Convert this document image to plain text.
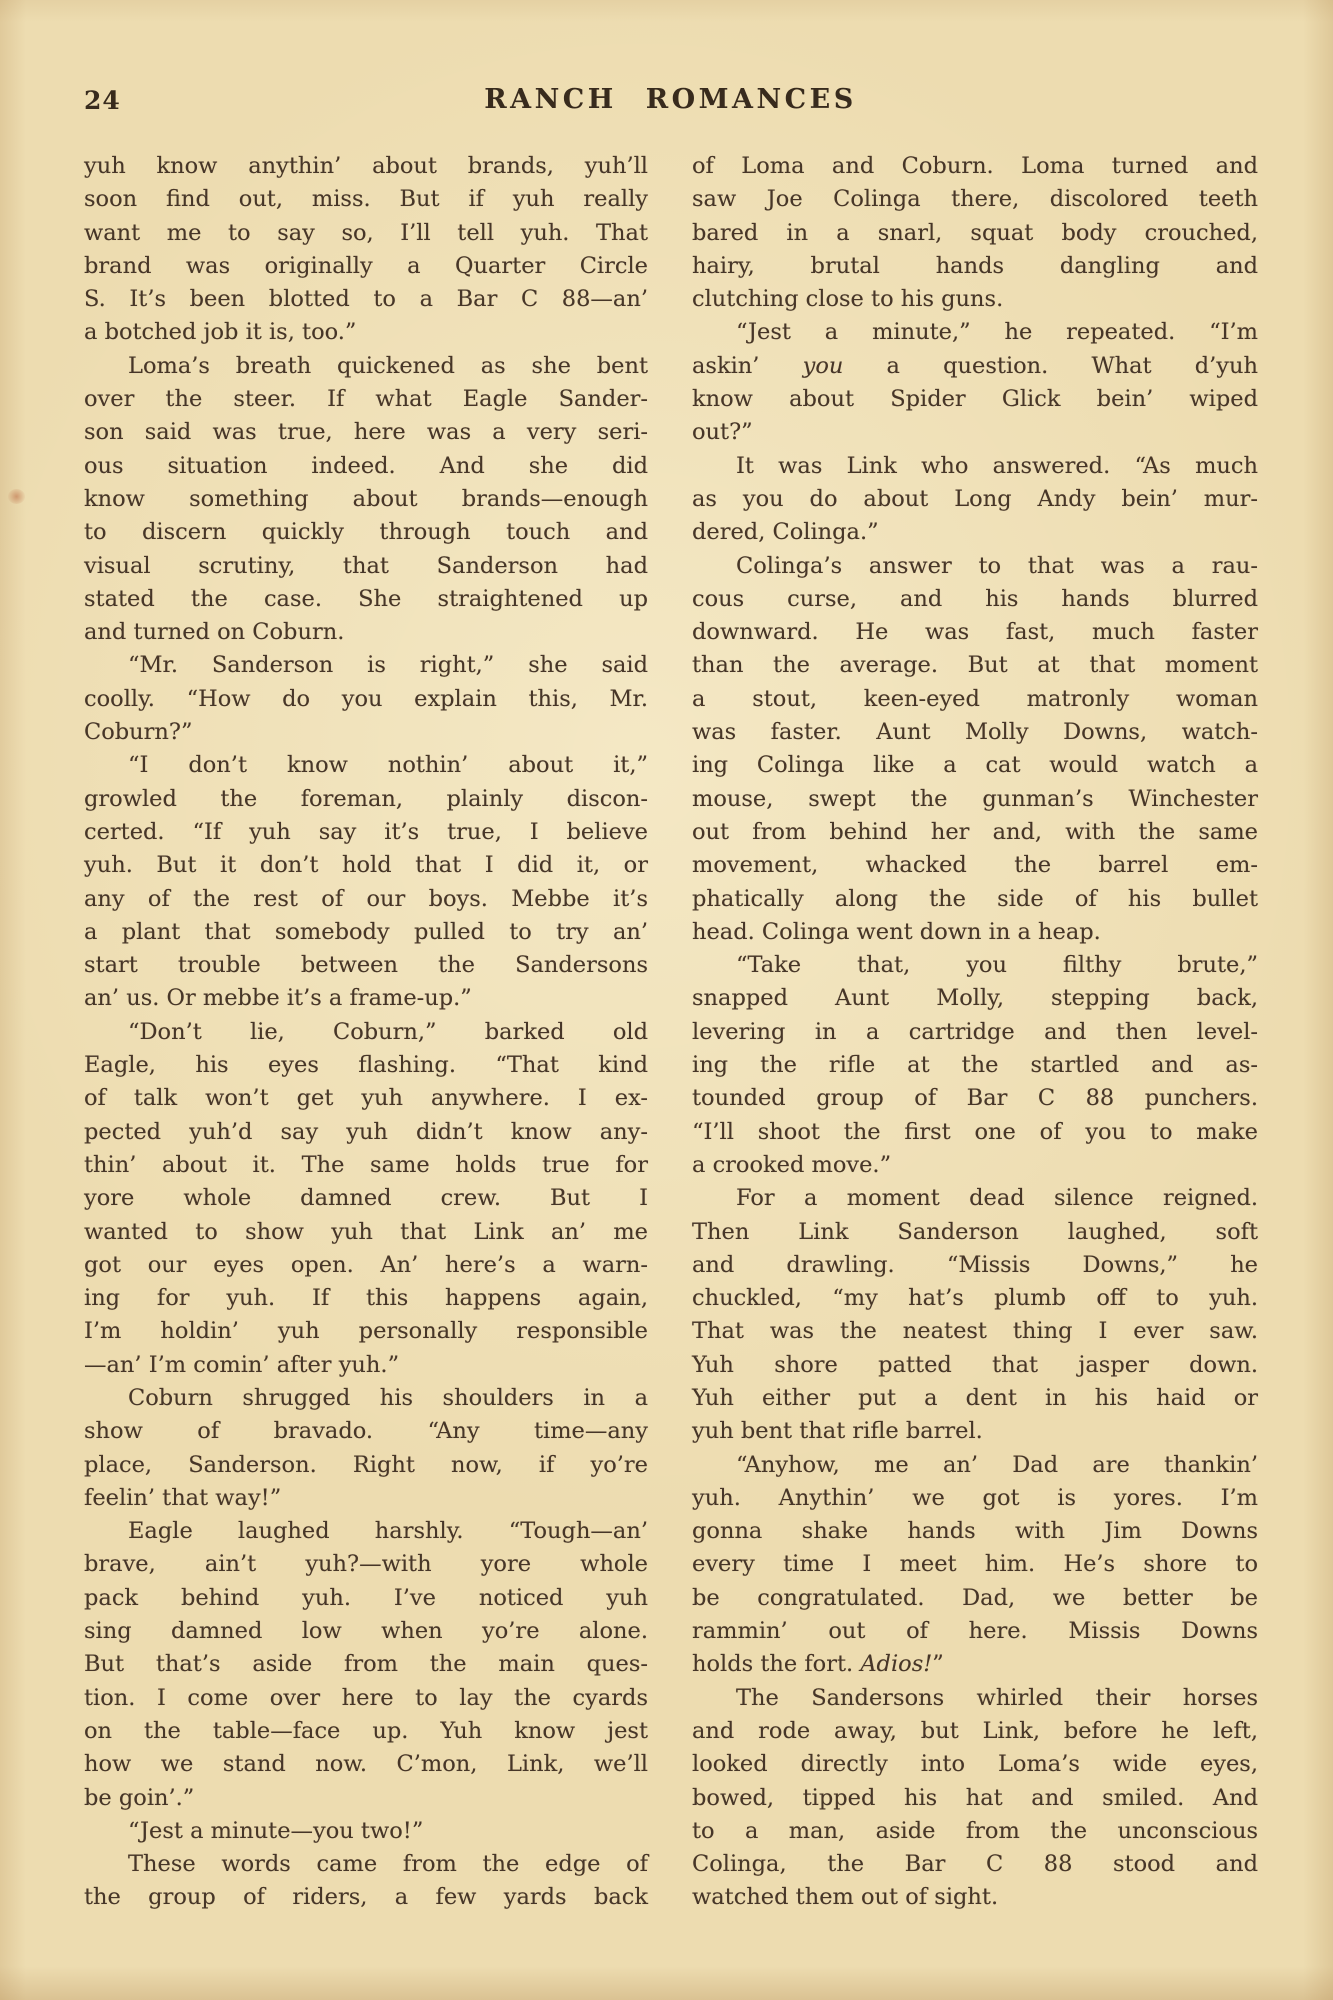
24	RANCH ROMANCES
yuh know anythin’ about brands, yuh’ll
soon find out, miss. But if yuh really
want me to say so, I’ll tell yuh. That
brand was originally a Quarter Circle
S. It’s been blotted to a Bar C 88—an’
a botched job it is, too.”
Loma’s breath quickened as she bent
over the steer. If what Eagle Sander-
son said was true, here was a very seri-
ous situation indeed. And she did
know something about brands—enough
to discern quickly through touch and
visual scrutiny, that Sanderson had
stated the case. She straightened up
and turned on Coburn.
“Mr. Sanderson is right,” she said
coolly. “How do you explain this, Mr.
Coburn?”
“I don’t know nothin’ about it,”
growled the foreman, plainly discon-
certed. “If yuh say it’s true, I believe
yuh. But it don’t hold that I did it, or
any of the rest of our boys. Mebbe it’s
a plant that somebody pulled to try an’
start trouble between the Sandersons
an’ us. Or mebbe it’s a frame-up.”
“Don’t lie, Coburn,” barked old
Eagle, his eyes flashing. “That kind
of talk won’t get yuh anywhere. I ex-
pected yuh’d say yuh didn’t know any-
thin’ about it. The same holds true for
yore whole damned crew. But I
wanted to show yuh that Link an’ me
got our eyes open. An’ here’s a warn-
ing for yuh. If this happens again,
I’m holdin’ yuh personally responsible
—an’ I’m comin’ after yuh.”
Coburn shrugged his shoulders in a
show of bravado. “Any time—any
place, Sanderson. Right now, if yo’re
feelin’ that way!”
Eagle laughed harshly. “Tough—an’
brave, ain’t yuh?—with yore whole
pack behind yuh. I’ve noticed yuh
sing damned low when yo’re alone.
But that’s aside from the main ques-
tion. I come over here to lay the cyards
on the table—face up. Yuh know jest
how we stand now. C’mon, Link, we’ll
be goin’.”
“Jest a minute—you two!”
These words came from the edge of
the group of riders, a few yards back
of Loma and Coburn. Loma turned and
saw Joe Colinga there, discolored teeth
bared in a snarl, squat body crouched,
hairy, brutal hands dangling and
clutching close to his guns.
“Jest a minute,” he repeated. “I’m
askin’ you a question. What d’yuh
know about Spider Glick bein’ wiped
out?”
It was Link who answered. “As much
as you do about Long Andy bein’ mur-
dered, Colinga.”
Colinga’s answer to that was a rau-
cous curse, and his hands blurred
downward. He was fast, much faster
than the average. But at that moment
a stout, keen-eyed matronly woman
was faster. Aunt Molly Downs, watch-
ing Colinga like a cat would watch a
mouse, swept the gunman’s Winchester
out from behind her and, with the same
movement, whacked the barrel em-
phatically along the side of his bullet
head. Colinga went down in a heap.
“Take that, you filthy brute,”
snapped Aunt Molly, stepping back,
levering in a cartridge and then level-
ing the rifle at the startled and as-
tounded group of Bar C 88 punchers.
“I’ll shoot the first one of you to make
a crooked move.”
For a moment dead silence reigned.
Then Link Sanderson laughed, soft
and drawling. “Missis Downs,” he
chuckled, “my hat’s plumb off to yuh.
That was the neatest thing I ever saw.
Yuh shore patted that jasper down.
Yuh either put a dent in his haid or
yuh bent that rifle barrel.
“Anyhow, me an’ Dad are thankin’
yuh. Anythin’ we got is yores. I’m
gonna shake hands with Jim Downs
every time I meet him. He’s shore to
be congratulated. Dad, we better be
rammin’ out of here. Missis Downs
holds the fort. Adios!”
The Sandersons whirled their horses
and rode away, but Link, before he left,
looked directly into Loma’s wide eyes,
bowed, tipped his hat and smiled. And
to a man, aside from the unconscious
Colinga, the Bar C 88 stood and
watched them out of sight.
